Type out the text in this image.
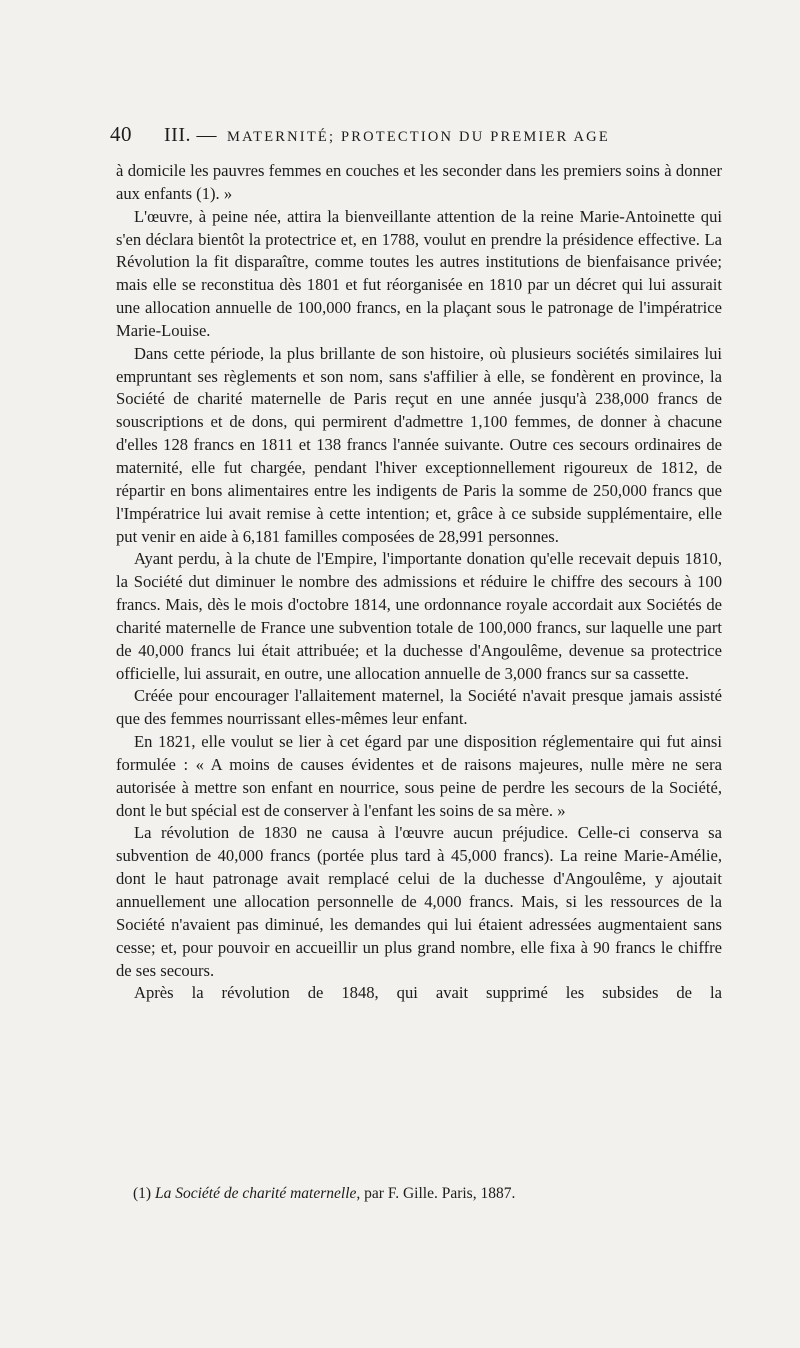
40 III. — MATERNITÉ; PROTECTION DU PREMIER AGE

à domicile les pauvres femmes en couches et les seconder dans les premiers soins à donner aux enfants (1). »

L'œuvre, à peine née, attira la bienveillante attention de la reine Marie-Antoinette qui s'en déclara bientôt la protectrice et, en 1788, voulut en prendre la présidence effective. La Révolution la fit disparaître, comme toutes les autres institutions de bienfaisance privée; mais elle se reconstitua dès 1801 et fut réorganisée en 1810 par un décret qui lui assurait une allocation annuelle de 100,000 francs, en la plaçant sous le patronage de l'impératrice Marie-Louise.

Dans cette période, la plus brillante de son histoire, où plusieurs sociétés similaires lui empruntant ses règlements et son nom, sans s'affilier à elle, se fondèrent en province, la Société de charité maternelle de Paris reçut en une année jusqu'à 238,000 francs de souscriptions et de dons, qui permirent d'admettre 1,100 femmes, de donner à chacune d'elles 128 francs en 1811 et 138 francs l'année suivante. Outre ces secours ordinaires de maternité, elle fut chargée, pendant l'hiver exceptionnellement rigoureux de 1812, de répartir en bons alimentaires entre les indigents de Paris la somme de 250,000 francs que l'Impératrice lui avait remise à cette intention; et, grâce à ce subside supplémentaire, elle put venir en aide à 6,181 familles composées de 28,991 personnes.

Ayant perdu, à la chute de l'Empire, l'importante donation qu'elle recevait depuis 1810, la Société dut diminuer le nombre des admissions et réduire le chiffre des secours à 100 francs. Mais, dès le mois d'octobre 1814, une ordonnance royale accordait aux Sociétés de charité maternelle de France une subvention totale de 100,000 francs, sur laquelle une part de 40,000 francs lui était attribuée; et la duchesse d'Angoulême, devenue sa protectrice officielle, lui assurait, en outre, une allocation annuelle de 3,000 francs sur sa cassette.

Créée pour encourager l'allaitement maternel, la Société n'avait presque jamais assisté que des femmes nourrissant elles-mêmes leur enfant.

En 1821, elle voulut se lier à cet égard par une disposition réglementaire qui fut ainsi formulée : « A moins de causes évidentes et de raisons majeures, nulle mère ne sera autorisée à mettre son enfant en nourrice, sous peine de perdre les secours de la Société, dont le but spécial est de conserver à l'enfant les soins de sa mère. »

La révolution de 1830 ne causa à l'œuvre aucun préjudice. Celle-ci conserva sa subvention de 40,000 francs (portée plus tard à 45,000 francs). La reine Marie-Amélie, dont le haut patronage avait remplacé celui de la duchesse d'Angoulême, y ajoutait annuellement une allocation personnelle de 4,000 francs. Mais, si les ressources de la Société n'avaient pas diminué, les demandes qui lui étaient adressées augmentaient sans cesse; et, pour pouvoir en accueillir un plus grand nombre, elle fixa à 90 francs le chiffre de ses secours.

Après la révolution de 1848, qui avait supprimé les subsides de la

(1) La Société de charité maternelle, par F. Gille. Paris, 1887.
